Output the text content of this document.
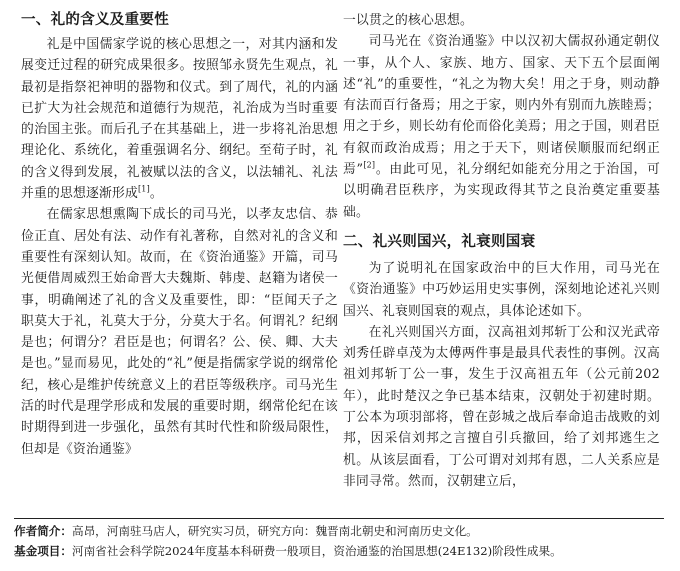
一、礼的含义及重要性

礼是中国儒家学说的核心思想之一，对其内涵和发展变迁过程的研究成果很多。按照邹永贤先生观点，礼最初是指祭祀神明的器物和仪式。到了周代，礼的内涵已扩大为社会规范和道德行为规范，礼治成为当时重要的治国主张。而后孔子在其基础上，进一步将礼治思想理论化、系统化，着重强调名分、纲纪。至荀子时，礼的含义得到发展，礼被赋以法的含义，以法辅礼、礼法并重的思想逐渐形成[1]。

在儒家思想熏陶下成长的司马光，以孝友忠信、恭俭正直、居处有法、动作有礼著称，自然对礼的含义和重要性有深刻认知。故而，在《资治通鉴》开篇，司马光便借周威烈王始命晋大夫魏斯、韩虔、赵籍为诸侯一事，明确阐述了礼的含义及重要性，即：“臣闻天子之职莫大于礼，礼莫大于分，分莫大于名。何谓礼？纪纲是也；何谓分？君臣是也；何谓名？公、侯、卿、大夫是也。”显而易见，此处的“礼”便是指儒家学说的纲常伦纪，核心是维护传统意义上的君臣等级秩序。司马光生活的时代是理学形成和发展的重要时期，纲常伦纪在该时期得到进一步强化，虽然有其时代性和阶级局限性，但却是《资治通鉴》

一以贯之的核心思想。

司马光在《资治通鉴》中以汉初大儒叔孙通定朝仪一事，从个人、家族、地方、国家、天下五个层面阐述“礼”的重要性，“礼之为物大矣！用之于身，则动静有法而百行备焉；用之于家，则内外有别而九族睦焉；用之于乡，则长幼有伦而俗化美焉；用之于国，则君臣有叙而政治成焉；用之于天下，则诸侯顺服而纪纲正焉”[2]。由此可见，礼分纲纪如能充分用之于治国，可以明确君臣秩序，为实现政得其节之良治奠定重要基础。

二、礼兴则国兴，礼衰则国衰

为了说明礼在国家政治中的巨大作用，司马光在《资治通鉴》中巧妙运用史实事例，深刻地论述礼兴则国兴、礼衰则国衰的观点，具体论述如下。

在礼兴则国兴方面，汉高祖刘邦斩丁公和汉光武帝刘秀任辟卓茂为太傅两件事是最具代表性的事例。汉高祖刘邦斩丁公一事，发生于汉高祖五年（公元前202年），此时楚汉之争已基本结束，汉朝处于初建时期。丁公本为项羽部将，曾在彭城之战后奉命追击战败的刘邦，因采信刘邦之言擅自引兵撤回，给了刘邦逃生之机。从该层面看，丁公可谓对刘邦有恩，二人关系应是非同寻常。然而，汉朝建立后，

作者简介：高昂，河南驻马店人，研究实习员，研究方向：魏晋南北朝史和河南历史文化。
基金项目：河南省社会科学院2024年度基本科研费一般项目，资治通鉴的治国思想(24E132)阶段性成果。
